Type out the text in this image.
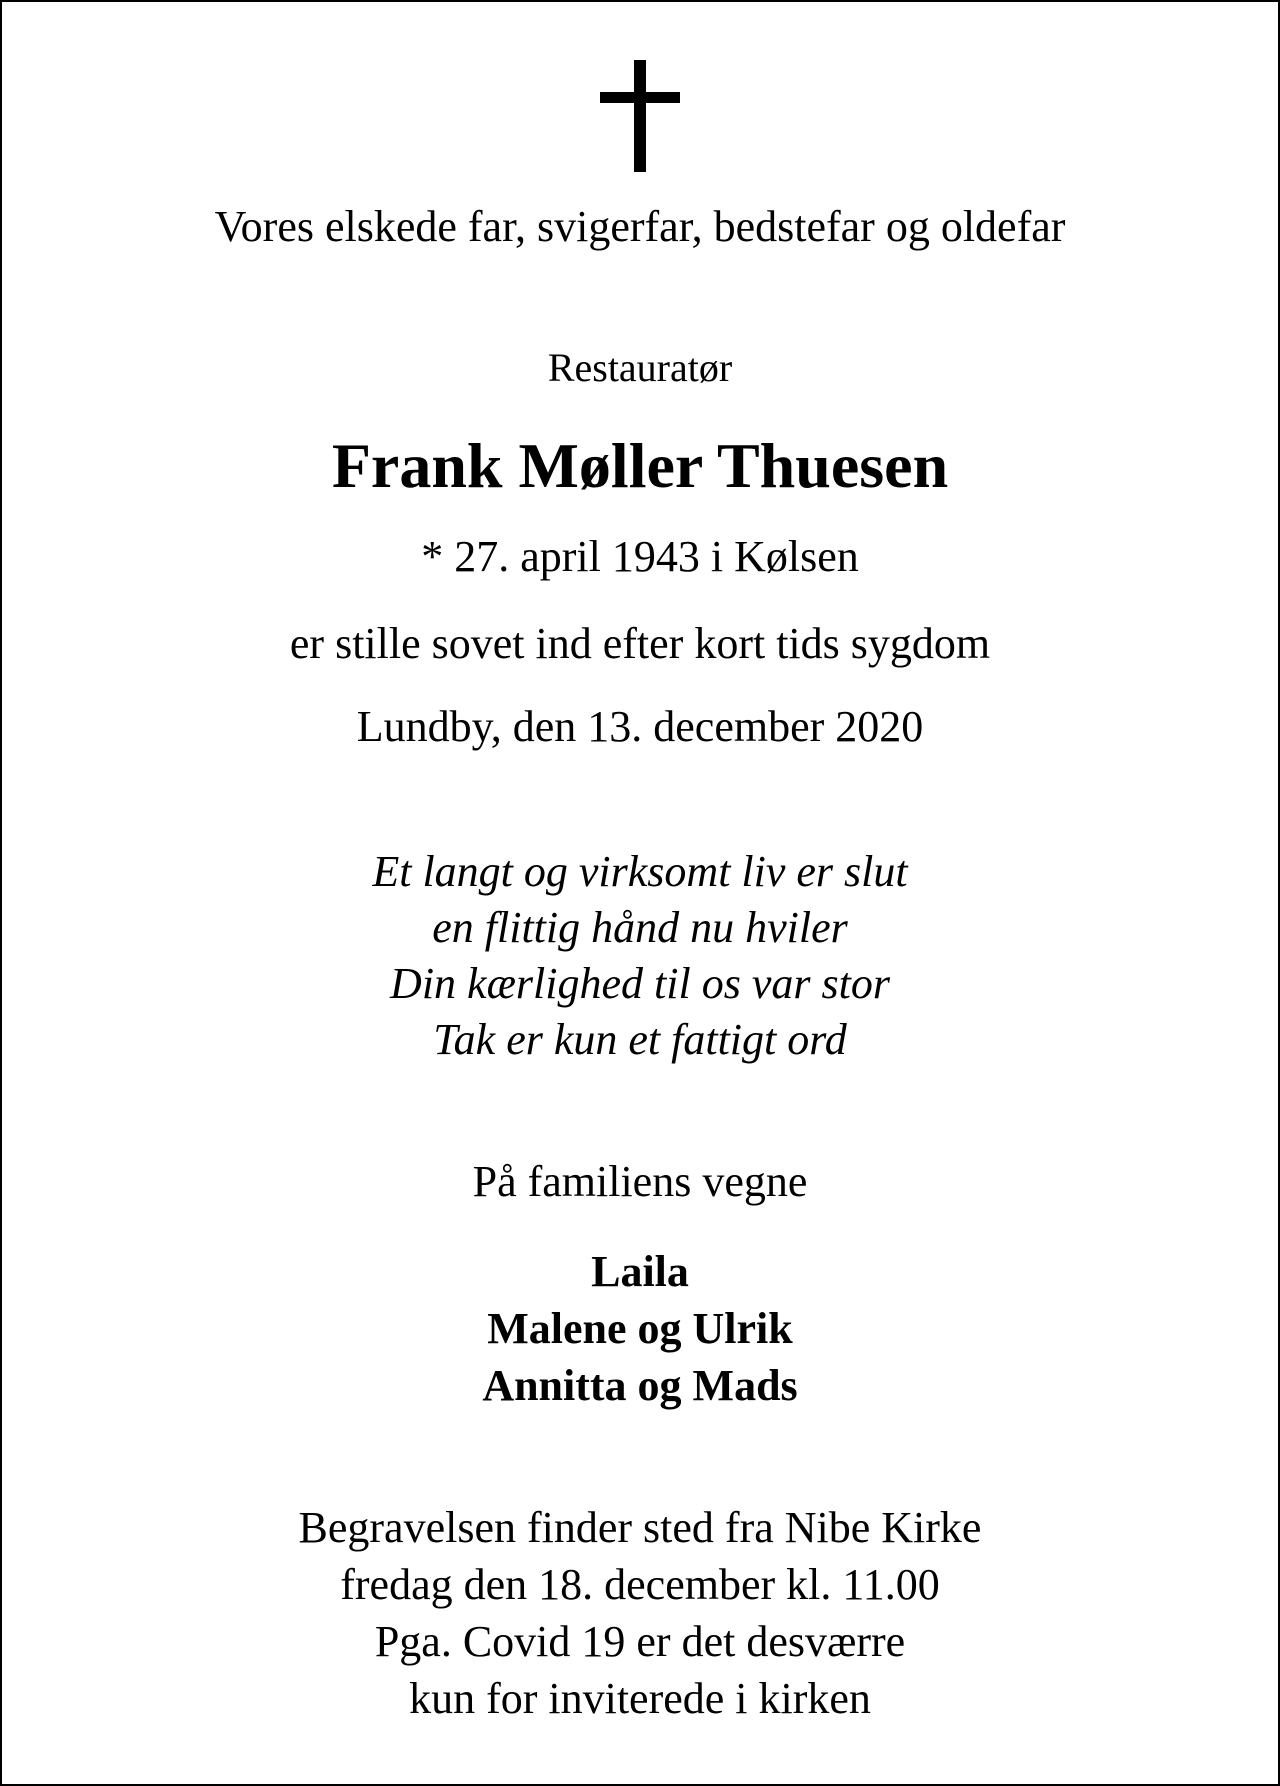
Vores elskede far, svigerfar, bedstefar og oldefar
Restauratør
Frank Møller Thuesen
* 27. april 1943 i Kølsen
er stille sovet ind efter kort tids sygdom
Lundby, den 13. december 2020
Et langt og virksomt liv er slut
en flittig hånd nu hviler
Din kærlighed til os var stor
Tak er kun et fattigt ord
På familiens vegne
Laila
Malene og Ulrik
Annitta og Mads
Begravelsen finder sted fra Nibe Kirke
fredag den 18. december kl. 11.00
Pga. Covid 19 er det desværre
kun for inviterede i kirken
